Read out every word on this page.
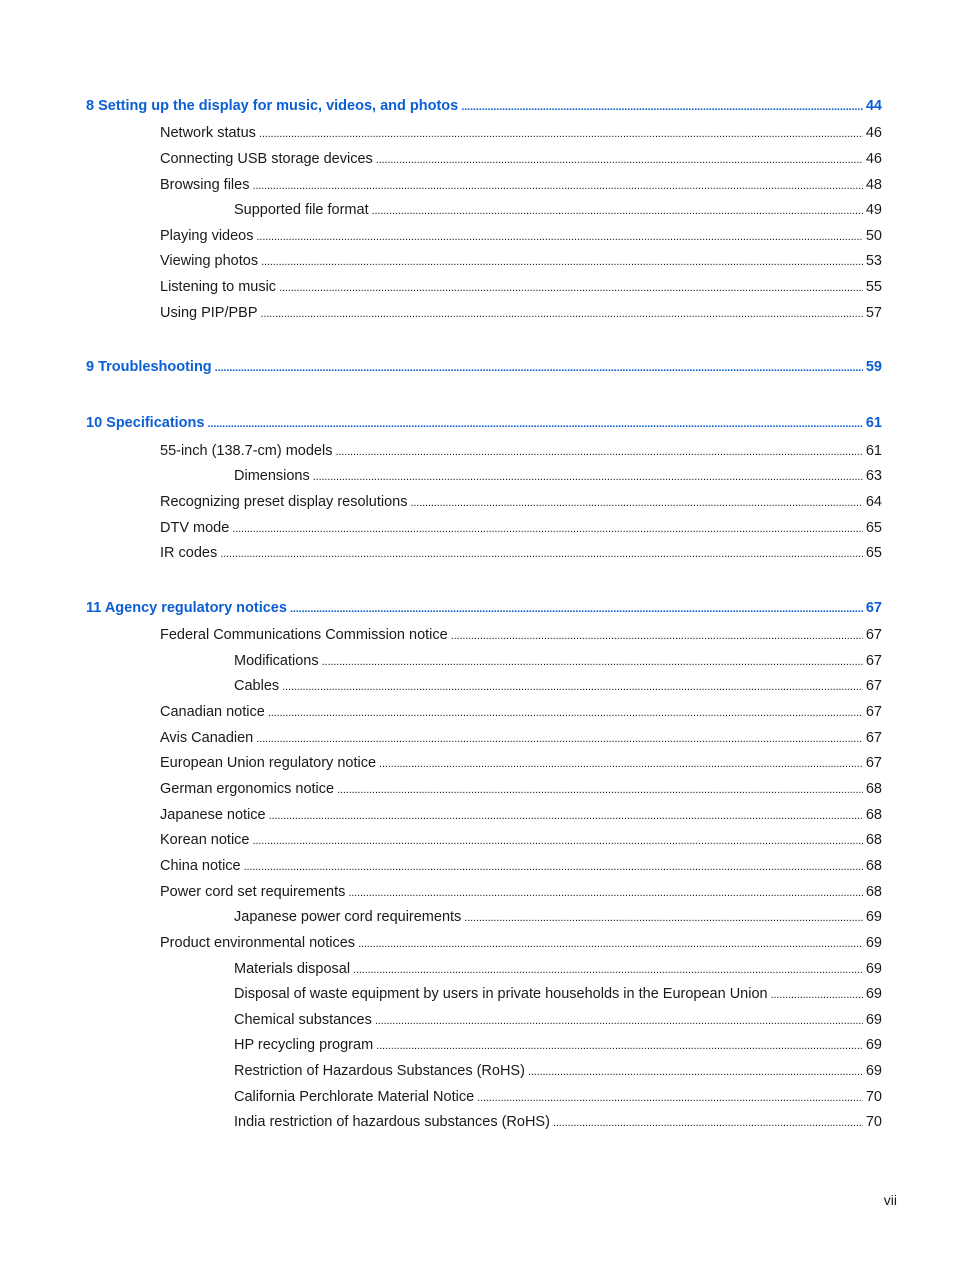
8 Setting up the display for music, videos, and photos . . .	44
Network status . . .	46
Connecting USB storage devices . . .	46
Browsing files . . .	48
Supported file format . . .	49
Playing videos . . .	50
Viewing photos . . .	53
Listening to music . . .	55
Using PIP/PBP . . .	57
9 Troubleshooting . . .	59
10 Specifications . . .	61
55-inch (138.7-cm) models . . .	61
Dimensions . . .	63
Recognizing preset display resolutions . . .	64
DTV mode . . .	65
IR codes . . .	65
11 Agency regulatory notices . . .	67
Federal Communications Commission notice . . .	67
Modifications . . .	67
Cables . . .	67
Canadian notice . . .	67
Avis Canadien . . .	67
European Union regulatory notice . . .	67
German ergonomics notice . . .	68
Japanese notice . . .	68
Korean notice . . .	68
China notice . . .	68
Power cord set requirements . . .	68
Japanese power cord requirements . . .	69
Product environmental notices . . .	69
Materials disposal . . .	69
Disposal of waste equipment by users in private households in the European Union . . .	69
Chemical substances . . .	69
HP recycling program . . .	69
Restriction of Hazardous Substances (RoHS) . . .	69
California Perchlorate Material Notice . . .	70
India restriction of hazardous substances (RoHS) . . .	70
vii
